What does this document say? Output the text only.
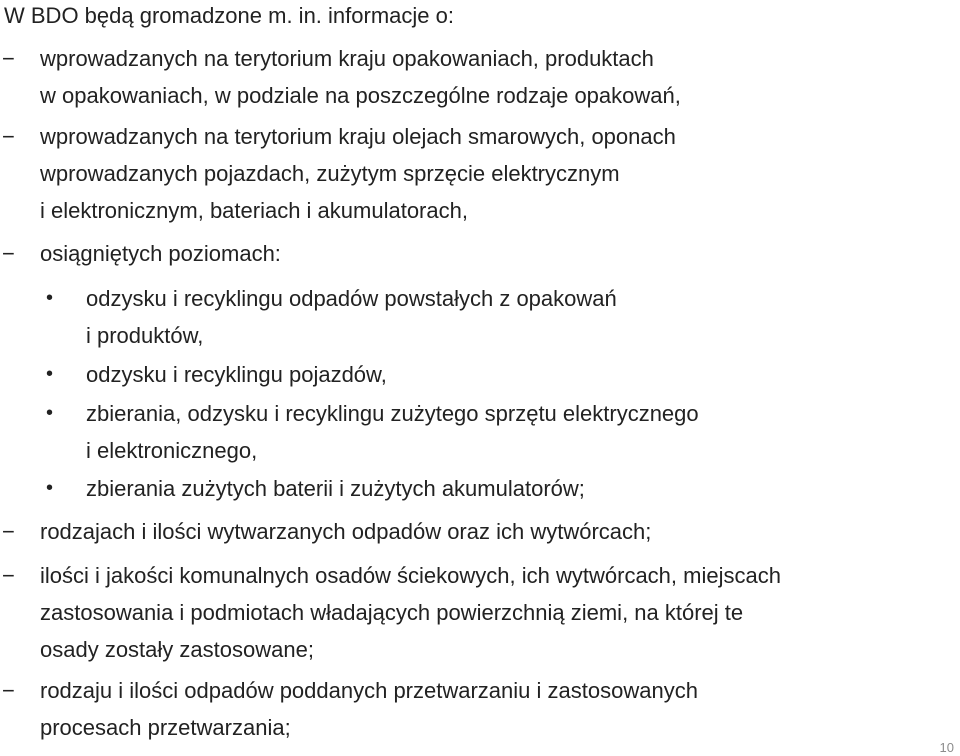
W BDO będą gromadzone m. in. informacje o:
− wprowadzanych na terytorium kraju opakowaniach, produktach
w opakowaniach, w podziale na poszczególne rodzaje opakowań,
− wprowadzanych na terytorium kraju olejach smarowych, oponach
wprowadzanych pojazdach, zużytym sprzęcie elektrycznym
i elektronicznym, bateriach i akumulatorach,
− osiągniętych poziomach:
• odzysku i recyklingu odpadów powstałych z opakowań
i produktów,
• odzysku i recyklingu pojazdów,
• zbierania, odzysku i recyklingu zużytego sprzętu elektrycznego
i elektronicznego,
• zbierania zużytych baterii i zużytych akumulatorów;
− rodzajach i ilości wytwarzanych odpadów oraz ich wytwórcach;
− ilości i jakości komunalnych osadów ściekowych, ich wytwórcach, miejscach
zastosowania i podmiotach władających powierzchnią ziemi, na której te
osady zostały zastosowane;
− rodzaju i ilości odpadów poddanych przetwarzaniu i zastosowanych
procesach przetwarzania;
10
